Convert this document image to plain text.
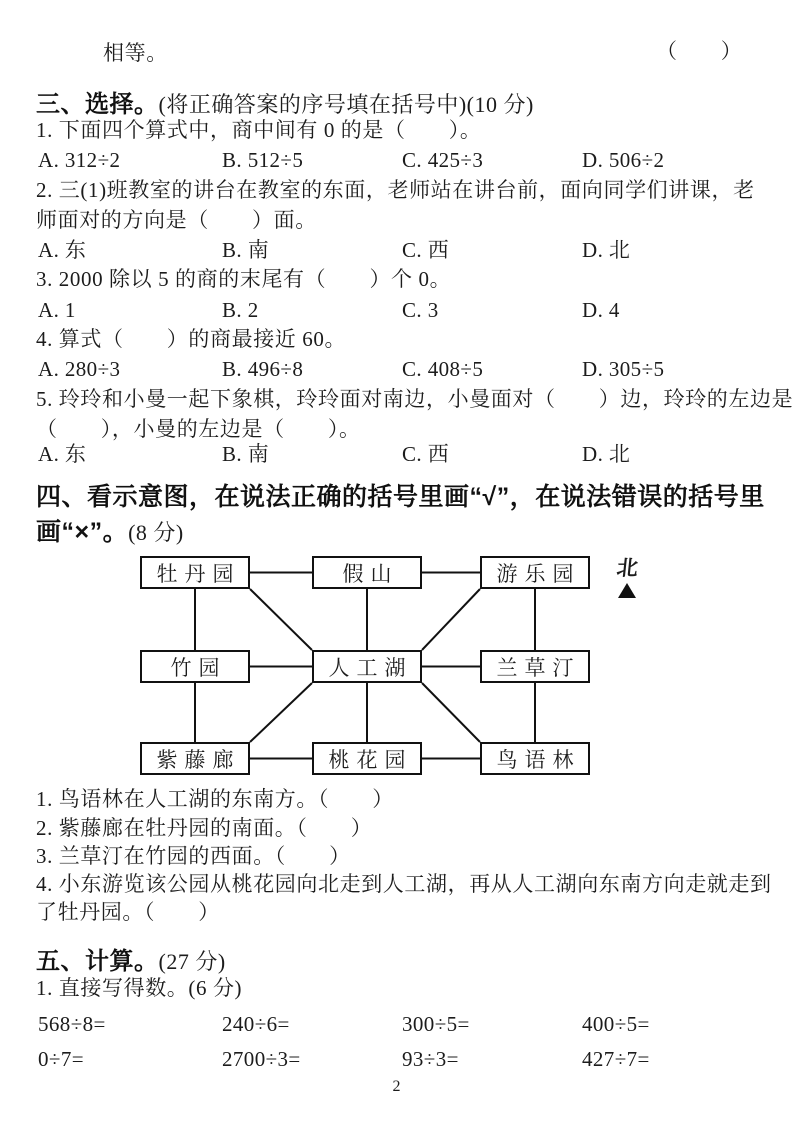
相等。	（　　）
三、选择。(将正确答案的序号填在括号中)(10 分)
1. 下面四个算式中，商中间有 0 的是（　　）。
A. 312÷2	B. 512÷5	C. 425÷3	D. 506÷2
2. 三(1)班教室的讲台在教室的东面，老师站在讲台前，面向同学们讲课，老
师面对的方向是（　　）面。
A. 东	B. 南	C. 西	D. 北
3. 2000 除以 5 的商的末尾有（　　）个 0。
A. 1	B. 2	C. 3	D. 4
4. 算式（　　）的商最接近 60。
A. 280÷3	B. 496÷8	C. 408÷5	D. 305÷5
5. 玲玲和小曼一起下象棋，玲玲面对南边，小曼面对（　　）边，玲玲的左边是
（　　），小曼的左边是（　　）。
A. 东	B. 南	C. 西	D. 北
四、看示意图，在说法正确的括号里画“√”，在说法错误的括号里
画“×”。(8 分)
牡丹园	假山	游乐园
竹园	人工湖	兰草汀
紫藤廊	桃花园	鸟语林
北
1. 鸟语林在人工湖的东南方。（　　）
2. 紫藤廊在牡丹园的南面。（　　）
3. 兰草汀在竹园的西面。（　　）
4. 小东游览该公园从桃花园向北走到人工湖，再从人工湖向东南方向走就走到
了牡丹园。（　　）
五、计算。(27 分)
1. 直接写得数。(6 分)
568÷8=	240÷6=	300÷5=	400÷5=
0÷7=	2700÷3=	93÷3=	427÷7=
2
